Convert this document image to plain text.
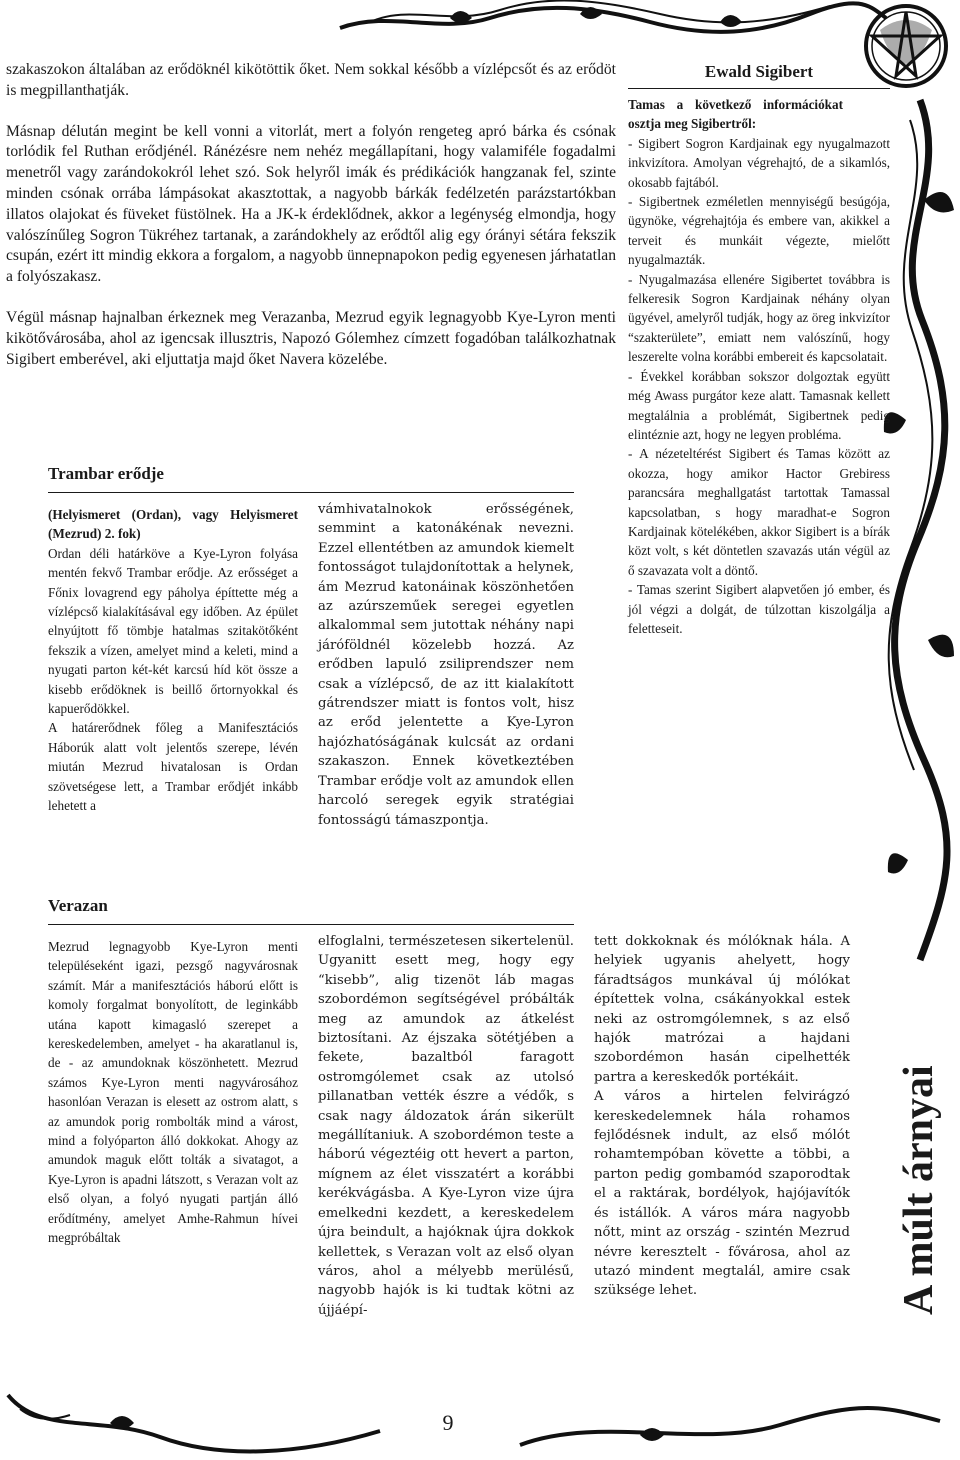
szakaszokon általában az erődöknél kikötöttik őket. Nem sokkal később a vízlépcsőt és az erődöt is megpillanthatják.

Másnap délután megint be kell vonni a vitorlát, mert a folyón rengeteg apró bárka és csónak torlódik fel Ruthan erődjénél. Ránézésre nem nehéz megállapítani, hogy valamiféle fogadalmi menetről vagy zarándokokról lehet szó. Sok helyről imák és prédikációk hangzanak fel, szinte minden csónak orrába lámpásokat akasztottak, a nagyobb bárkák fedélzetén parázstartókban illatos olajokat és füveket füstölnek. Ha a JK-k érdeklődnek, akkor a legénység elmondja, hogy valószínűleg Sogron Tükréhez tartanak, a zarándokhely az erődtől alig egy órányi sétára fekszik csupán, ezért itt mindig ekkora a forgalom, a nagyobb ünnepnapokon pedig egyenesen járhatatlan a folyószakasz.

Végül másnap hajnalban érkeznek meg Verazanba, Mezrud egyik legnagyobb Kye-Lyron menti kikötővárosába, ahol az igencsak illusztris, Napozó Gólemhez címzett fogadóban találkozhatnak Sigibert emberével, aki eljuttatja majd őket Navera közelébe.

Ewald Sigibert
Tamas a következő információkat osztja meg Sigibertről:

- Sigibert Sogron Kardjainak egy nyugalmazott inkvizítora. Amolyan végrehajtó, de a sikamlós, okosabb fajtából.

- Sigibertnek ezméletlen mennyiségű besúgója, ügynöke, végrehajtója és embere van, akikkel a terveit és munkáit végezte, mielőtt nyugalmazták.

- Nyugalmazása ellenére Sigibertet továbbra is felkeresik Sogron Kardjainak néhány olyan ügyével, amelyről tudják, hogy az öreg inkvizítor “szakterülete”, emiatt nem valószínű, hogy leszerelte volna korábbi embereit és kapcsolatait.

- Évekkel korábban sokszor dolgoztak együtt még Awass purgátor keze alatt. Tamasnak kellett megtalálnia a problémát, Sigibertnek pedig elintéznie azt, hogy ne legyen probléma.

- A nézeteltérést Sigibert és Tamas között az okozza, hogy amikor Hactor Grebiress parancsára meghallgatást tartottak Tamassal kapcsolatban, s hogy maradhat-e Sogron Kardjainak kötelékében, akkor Sigibert is a bírák közt volt, s két döntetlen szavazás után végül az ő szavazata volt a döntő.

- Tamas szerint Sigibert alapvetően jó ember, és jól végzi a dolgát, de túlzottan kiszolgálja a feletteseit.

Trambar erődje

(Helyismeret (Ordan), vagy Helyismeret (Mezrud) 2. fok)

Ordan déli határköve a Kye-Lyron folyása mentén fekvő Trambar erődje. Az erősséget a Főnix lovagrend egy páholya építtette még a vízlépcső kialakításával egy időben. Az épület elnyújtott fő tömbje hatalmas szitakötőként fekszik a vízen, amelyet mind a keleti, mind a nyugati parton két-két karcsú híd köt össze a kisebb erődöknek is beillő őrtornyokkal és kapuerődökkel.

A határerődnek főleg a Manifesztációs Háborúk alatt volt jelentős szerepe, lévén miután Mezrud hivatalosan is Ordan szövetségese lett, a Trambar erődjét inkább lehetett a

vámhivatalnokok erősségének, semmint a katonákénak nevezni. Ezzel ellentétben az amundok kiemelt fontosságot tulajdonítottak a helynek, ám Mezrud katonáinak köszönhetően az azúrszeműek seregei egyetlen alkalommal sem jutottak néhány napi járóföldnél közelebb hozzá. Az erődben lapuló zsiliprendszer nem csak a vízlépcső, de az itt kialakított gátrendszer miatt is fontos volt, hisz az erőd jelentette a Kye-Lyron hajózhatóságának kulcsát az ordani szakaszon. Ennek következtében Trambar erődje volt az amundok ellen harcoló seregek egyik stratégiai fontosságú támaszpontja.

Verazan

Mezrud legnagyobb Kye-Lyron menti településeként igazi, pezsgő nagyvárosnak számít. Már a manifesztációs háború előtt is komoly forgalmat bonyolított, de leginkább utána kapott kimagasló szerepet a kereskedelemben, amelyet - ha akaratlanul is, de - az amundoknak köszönhetett. Mezrud számos Kye-Lyron menti nagyvárosához hasonlóan Verazan is elesett az ostrom alatt, s az amundok porig rombolták mind a várost, mind a folyóparton álló dokkokat. Ahogy az amundok maguk előtt tolták a sivatagot, a Kye-Lyron is apadni látszott, s Verazan volt az első olyan, a folyó nyugati partján álló erődítmény, amelyet Amhe-Rahmun hívei megpróbáltak

elfoglalni, természetesen sikertelenül. Ugyanitt esett meg, hogy egy “kisebb”, alig tizenöt láb magas szobordémon segítségével próbálták meg az amundok az átkelést biztosítani. Az éjszaka sötétjében a fekete, bazaltból faragott ostromgólemet csak az utolsó pillanatban vették észre a védők, s csak nagy áldozatok árán sikerült megállítaniuk. A szobordémon teste a háború végeztéig ott hevert a parton, mígnem az élet visszatért a korábbi kerékvágásba. A Kye-Lyron vize újra emelkedni kezdett, a kereskedelem újra beindult, a hajóknak újra dokkok kellettek, s Verazan volt az első olyan város, ahol a mélyebb merülésű, nagyobb hajók is ki tudtak kötni az újjáépí-

tett dokkoknak és mólóknak hála. A helyiek ugyanis ahelyett, hogy fáradtságos munkával új mólókat építettek volna, csákányokkal estek neki az ostromgólemnek, s az első hajók matrózai a hajdani szobordémon hasán cipelhették partra a kereskedők portékáit.

A város a hirtelen felvirágzó kereskedelemnek hála rohamos fejlődésnek indult, az első mólót rohamtempóban követte a többi, a parton pedig gombamód szaporodtak el a raktárak, bordélyok, hajójavítók és istállók. A város mára nagyobb nőtt, mint az ország - szintén Mezrud névre keresztelt - fővárosa, ahol az utazó mindent megtalál, amire csak szüksége lehet.

9
A múlt árnyai
